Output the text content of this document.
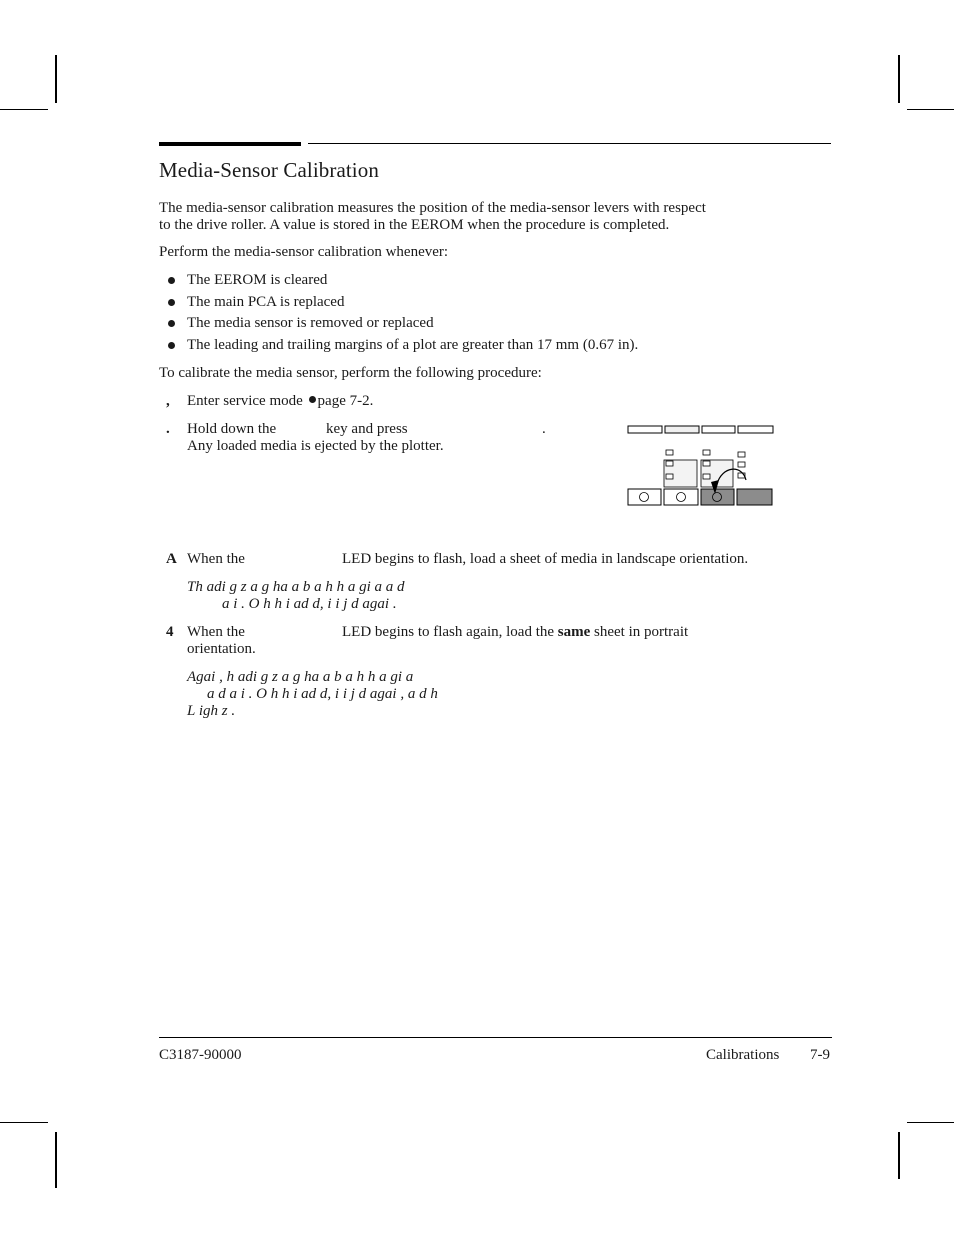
Media-Sensor Calibration
The media-sensor calibration measures the position of the media-sensor levers with respect
to the drive roller. A value is stored in the EEROM when the procedure is completed.
Perform the media-sensor calibration whenever:
The EEROM is cleared
The main PCA is replaced
The media sensor is removed or replaced
The leading and trailing margins of a plot are greater than 17 mm (0.67 in).
To calibrate the media sensor, perform the following procedure:
, Enter service mode page 7-2.
. Hold down the	key and press	.
Any loaded media is ejected by the plotter.
A When the	LED begins to flash, load a sheet of media in landscape orientation.
Th adi g z a g ha a b a h h a gi a a d
a i . O h h i ad d, i i j d agai .
4 When the	LED begins to flash again, load the same sheet in portrait
orientation.
Agai , h adi g z a g ha a b a h h a gi a
a d a i . O h h i ad d, i i j d agai , a d h
L igh z .
C3187-90000	Calibrations 7-9
